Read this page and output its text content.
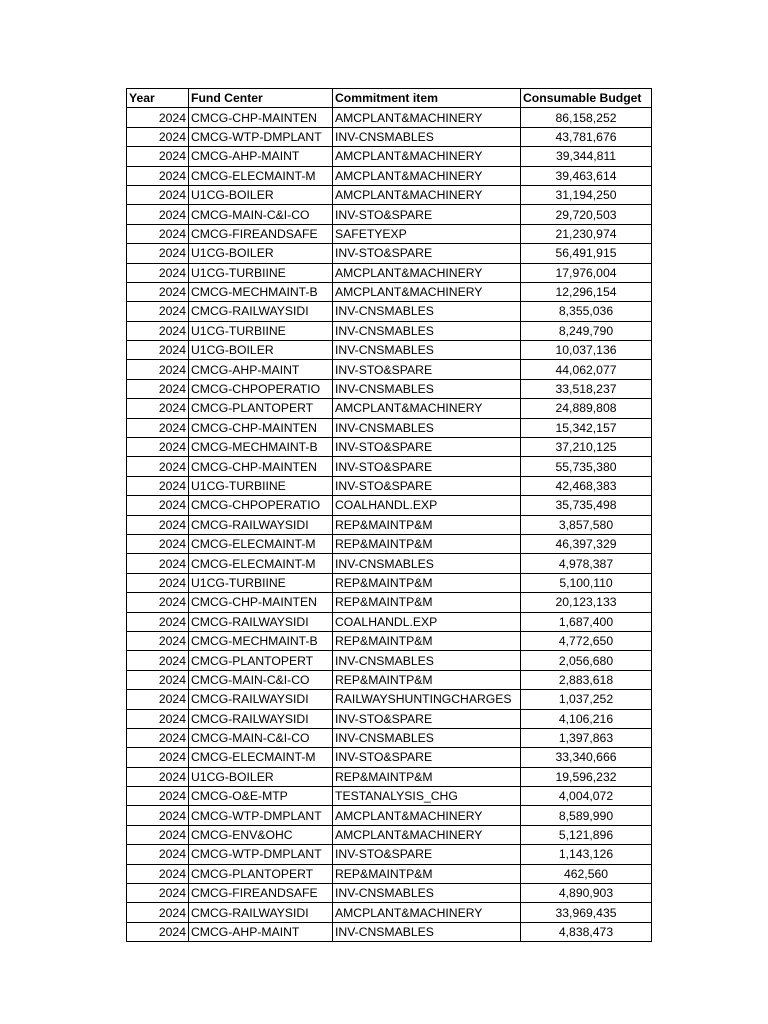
Year	Fund Center	Commitment item	Consumable Budget
2024	CMCG-CHP-MAINTEN	AMCPLANT&MACHINERY	86,158,252
2024	CMCG-WTP-DMPLANT	INV-CNSMABLES	43,781,676
2024	CMCG-AHP-MAINT	AMCPLANT&MACHINERY	39,344,811
2024	CMCG-ELECMAINT-M	AMCPLANT&MACHINERY	39,463,614
2024	U1CG-BOILER	AMCPLANT&MACHINERY	31,194,250
2024	CMCG-MAIN-C&I-CO	INV-STO&SPARE	29,720,503
2024	CMCG-FIREANDSAFE	SAFETYEXP	21,230,974
2024	U1CG-BOILER	INV-STO&SPARE	56,491,915
2024	U1CG-TURBIINE	AMCPLANT&MACHINERY	17,976,004
2024	CMCG-MECHMAINT-B	AMCPLANT&MACHINERY	12,296,154
2024	CMCG-RAILWAYSIDI	INV-CNSMABLES	8,355,036
2024	U1CG-TURBIINE	INV-CNSMABLES	8,249,790
2024	U1CG-BOILER	INV-CNSMABLES	10,037,136
2024	CMCG-AHP-MAINT	INV-STO&SPARE	44,062,077
2024	CMCG-CHPOPERATIO	INV-CNSMABLES	33,518,237
2024	CMCG-PLANTOPERT	AMCPLANT&MACHINERY	24,889,808
2024	CMCG-CHP-MAINTEN	INV-CNSMABLES	15,342,157
2024	CMCG-MECHMAINT-B	INV-STO&SPARE	37,210,125
2024	CMCG-CHP-MAINTEN	INV-STO&SPARE	55,735,380
2024	U1CG-TURBIINE	INV-STO&SPARE	42,468,383
2024	CMCG-CHPOPERATIO	COALHANDL.EXP	35,735,498
2024	CMCG-RAILWAYSIDI	REP&MAINTP&M	3,857,580
2024	CMCG-ELECMAINT-M	REP&MAINTP&M	46,397,329
2024	CMCG-ELECMAINT-M	INV-CNSMABLES	4,978,387
2024	U1CG-TURBIINE	REP&MAINTP&M	5,100,110
2024	CMCG-CHP-MAINTEN	REP&MAINTP&M	20,123,133
2024	CMCG-RAILWAYSIDI	COALHANDL.EXP	1,687,400
2024	CMCG-MECHMAINT-B	REP&MAINTP&M	4,772,650
2024	CMCG-PLANTOPERT	INV-CNSMABLES	2,056,680
2024	CMCG-MAIN-C&I-CO	REP&MAINTP&M	2,883,618
2024	CMCG-RAILWAYSIDI	RAILWAYSHUNTINGCHARGES	1,037,252
2024	CMCG-RAILWAYSIDI	INV-STO&SPARE	4,106,216
2024	CMCG-MAIN-C&I-CO	INV-CNSMABLES	1,397,863
2024	CMCG-ELECMAINT-M	INV-STO&SPARE	33,340,666
2024	U1CG-BOILER	REP&MAINTP&M	19,596,232
2024	CMCG-O&E-MTP	TESTANALYSIS_CHG	4,004,072
2024	CMCG-WTP-DMPLANT	AMCPLANT&MACHINERY	8,589,990
2024	CMCG-ENV&OHC	AMCPLANT&MACHINERY	5,121,896
2024	CMCG-WTP-DMPLANT	INV-STO&SPARE	1,143,126
2024	CMCG-PLANTOPERT	REP&MAINTP&M	462,560
2024	CMCG-FIREANDSAFE	INV-CNSMABLES	4,890,903
2024	CMCG-RAILWAYSIDI	AMCPLANT&MACHINERY	33,969,435
2024	CMCG-AHP-MAINT	INV-CNSMABLES	4,838,473
